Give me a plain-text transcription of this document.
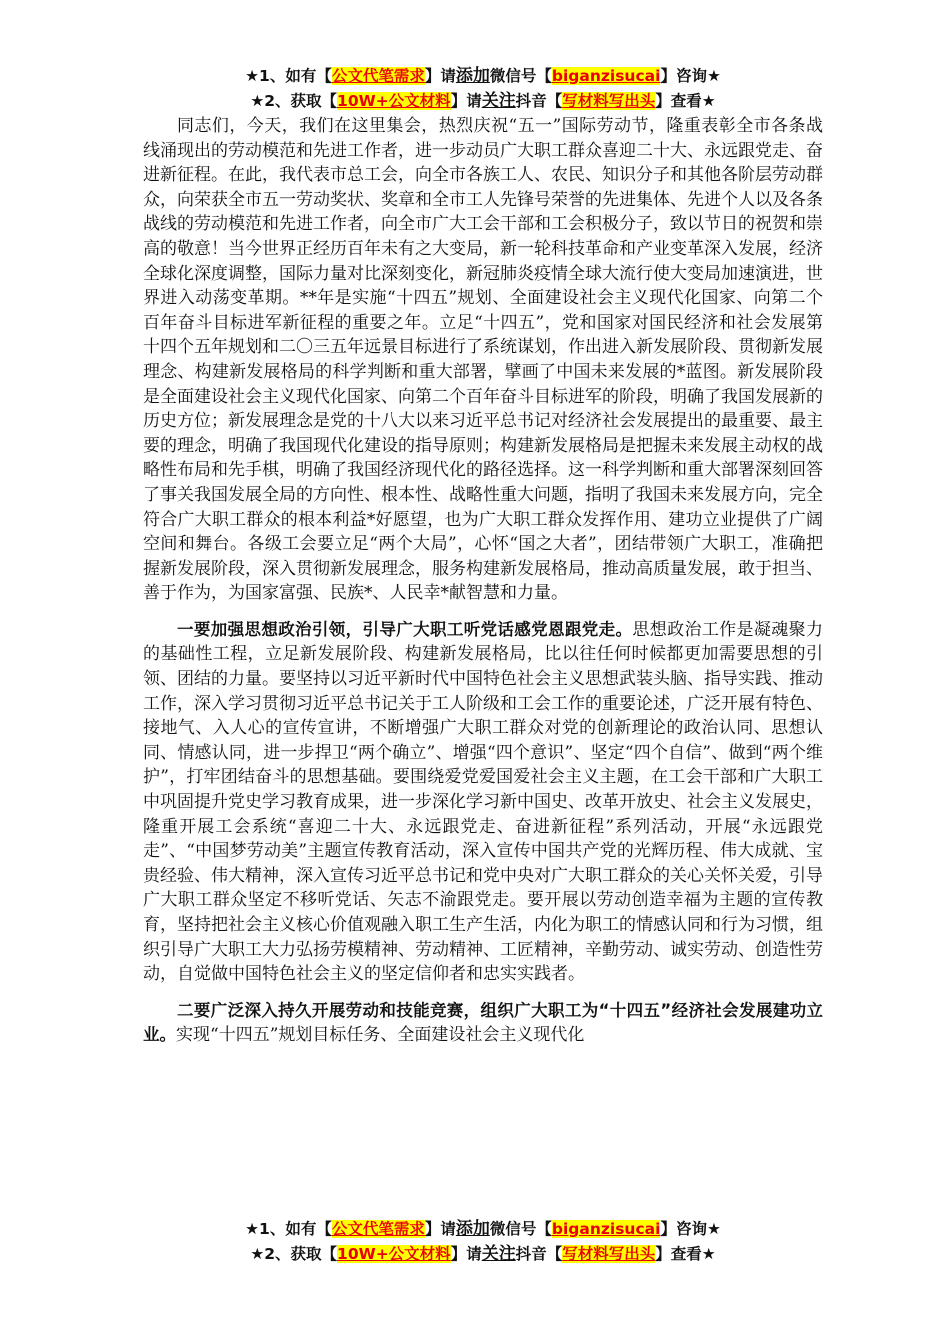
★1、如有【公文代笔需求】请添加微信号【biganzisucai】咨询★
★2、获取【10W+公文材料】请关注抖音【写材料写出头】查看★

同志们，今天，我们在这里集会，热烈庆祝“五一”国际劳动节，隆重表彰全市各条战线涌现出的劳动模范和先进工作者，进一步动员广大职工群众喜迎二十大、永远跟党走、奋进新征程。在此，我代表市总工会，向全市各族工人、农民、知识分子和其他各阶层劳动群众，向荣获全市五一劳动奖状、奖章和全市工人先锋号荣誉的先进集体、先进个人以及各条战线的劳动模范和先进工作者，向全市广大工会干部和工会积极分子，致以节日的祝贺和崇高的敬意！当今世界正经历百年未有之大变局，新一轮科技革命和产业变革深入发展，经济全球化深度调整，国际力量对比深刻变化，新冠肺炎疫情全球大流行使大变局加速演进，世界进入动荡变革期。**年是实施“十四五”规划、全面建设社会主义现代化国家、向第二个百年奋斗目标进军新征程的重要之年。立足“十四五”，党和国家对国民经济和社会发展第十四个五年规划和二〇三五年远景目标进行了系统谋划，作出进入新发展阶段、贯彻新发展理念、构建新发展格局的科学判断和重大部署，擘画了中国未来发展的*蓝图。新发展阶段是全面建设社会主义现代化国家、向第二个百年奋斗目标进军的阶段，明确了我国发展新的历史方位；新发展理念是党的十八大以来习近平总书记对经济社会发展提出的最重要、最主要的理念，明确了我国现代化建设的指导原则；构建新发展格局是把握未来发展主动权的战略性布局和先手棋，明确了我国经济现代化的路径选择。这一科学判断和重大部署深刻回答了事关我国发展全局的方向性、根本性、战略性重大问题，指明了我国未来发展方向，完全符合广大职工群众的根本利益*好愿望，也为广大职工群众发挥作用、建功立业提供了广阔空间和舞台。各级工会要立足“两个大局”，心怀“国之大者”，团结带领广大职工，准确把握新发展阶段，深入贯彻新发展理念，服务构建新发展格局，推动高质量发展，敢于担当、善于作为，为国家富强、民族*、人民幸*献智慧和力量。

一要加强思想政治引领，引导广大职工听党话感党恩跟党走。思想政治工作是凝魂聚力的基础性工程，立足新发展阶段、构建新发展格局，比以往任何时候都更加需要思想的引领、团结的力量。要坚持以习近平新时代中国特色社会主义思想武装头脑、指导实践、推动工作，深入学习贯彻习近平总书记关于工人阶级和工会工作的重要论述，广泛开展有特色、接地气、入人心的宣传宣讲，不断增强广大职工群众对党的创新理论的政治认同、思想认同、情感认同，进一步捍卫“两个确立”、增强“四个意识”、坚定“四个自信”、做到“两个维护”，打牢团结奋斗的思想基础。要围绕爱党爱国爱社会主义主题，在工会干部和广大职工中巩固提升党史学习教育成果，进一步深化学习新中国史、改革开放史、社会主义发展史，隆重开展工会系统“喜迎二十大、永远跟党走、奋进新征程”系列活动，开展“永远跟党走”、“中国梦劳动美”主题宣传教育活动，深入宣传中国共产党的光辉历程、伟大成就、宝贵经验、伟大精神，深入宣传习近平总书记和党中央对广大职工群众的关心关怀关爱，引导广大职工群众坚定不移听党话、矢志不渝跟党走。要开展以劳动创造幸福为主题的宣传教育，坚持把社会主义核心价值观融入职工生产生活，内化为职工的情感认同和行为习惯，组织引导广大职工大力弘扬劳模精神、劳动精神、工匠精神，辛勤劳动、诚实劳动、创造性劳动，自觉做中国特色社会主义的坚定信仰者和忠实实践者。

二要广泛深入持久开展劳动和技能竞赛，组织广大职工为“十四五”经济社会发展建功立业。实现“十四五”规划目标任务、全面建设社会主义现代化

★1、如有【公文代笔需求】请添加微信号【biganzisucai】咨询★
★2、获取【10W+公文材料】请关注抖音【写材料写出头】查看★
